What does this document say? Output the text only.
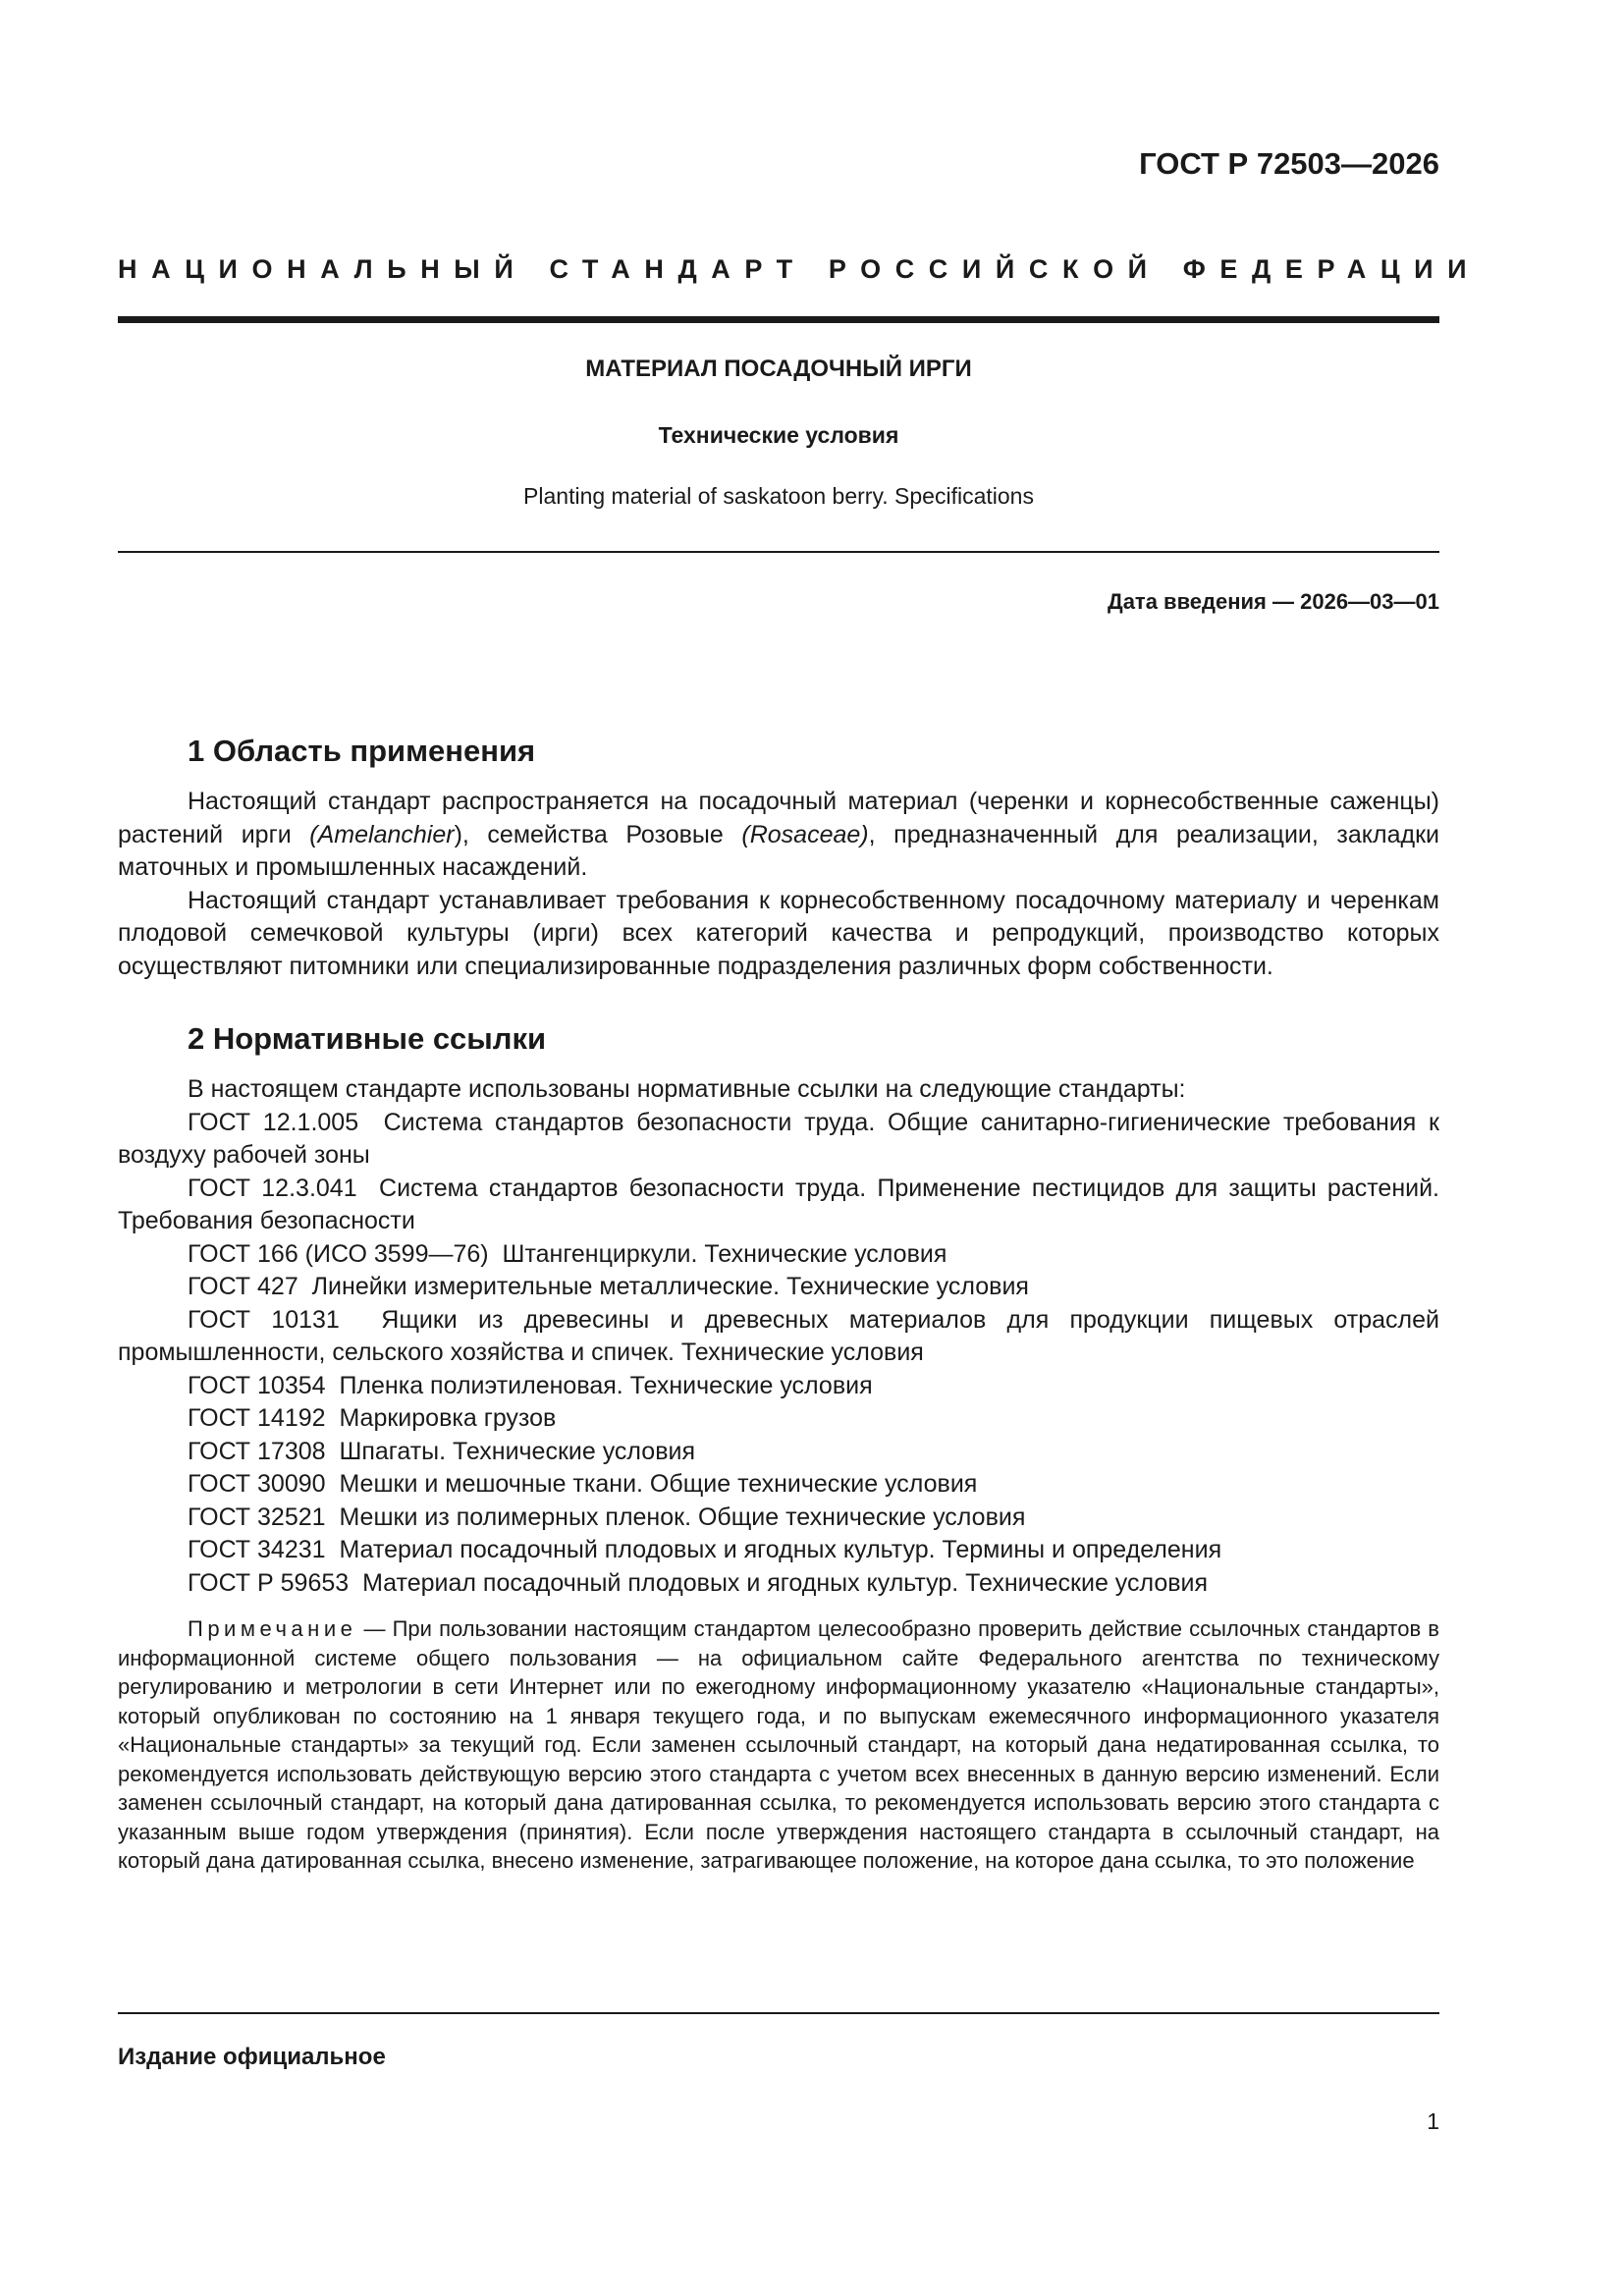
ГОСТ Р 72503—2026

НАЦИОНАЛЬНЫЙ СТАНДАРТ РОССИЙСКОЙ ФЕДЕРАЦИИ

МАТЕРИАЛ ПОСАДОЧНЫЙ ИРГИ

Технические условия

Planting material of saskatoon berry. Specifications

Дата введения — 2026—03—01

1 Область применения

Настоящий стандарт распространяется на посадочный материал (черенки и корнесобственные саженцы) растений ирги (Amelanchier), семейства Розовые (Rosaceae), предназначенный для реализации, закладки маточных и промышленных насаждений.

Настоящий стандарт устанавливает требования к корнесобственному посадочному материалу и черенкам плодовой семечковой культуры (ирги) всех категорий качества и репродукций, производство которых осуществляют питомники или специализированные подразделения различных форм собственности.

2 Нормативные ссылки

В настоящем стандарте использованы нормативные ссылки на следующие стандарты:

ГОСТ 12.1.005 Система стандартов безопасности труда. Общие санитарно-гигиенические требования к воздуху рабочей зоны
ГОСТ 12.3.041 Система стандартов безопасности труда. Применение пестицидов для защиты растений. Требования безопасности
ГОСТ 166 (ИСО 3599—76) Штангенциркули. Технические условия
ГОСТ 427 Линейки измерительные металлические. Технические условия
ГОСТ 10131 Ящики из древесины и древесных материалов для продукции пищевых отраслей промышленности, сельского хозяйства и спичек. Технические условия
ГОСТ 10354 Пленка полиэтиленовая. Технические условия
ГОСТ 14192 Маркировка грузов
ГОСТ 17308 Шпагаты. Технические условия
ГОСТ 30090 Мешки и мешочные ткани. Общие технические условия
ГОСТ 32521 Мешки из полимерных пленок. Общие технические условия
ГОСТ 34231 Материал посадочный плодовых и ягодных культур. Термины и определения
ГОСТ Р 59653 Материал посадочный плодовых и ягодных культур. Технические условия

Примечание — При пользовании настоящим стандартом целесообразно проверить действие ссылочных стандартов в информационной системе общего пользования — на официальном сайте Федерального агентства по техническому регулированию и метрологии в сети Интернет или по ежегодному информационному указателю «Национальные стандарты», который опубликован по состоянию на 1 января текущего года, и по выпускам ежемесячного информационного указателя «Национальные стандарты» за текущий год. Если заменен ссылочный стандарт, на который дана недатированная ссылка, то рекомендуется использовать действующую версию этого стандарта с учетом всех внесенных в данную версию изменений. Если заменен ссылочный стандарт, на который дана датированная ссылка, то рекомендуется использовать версию этого стандарта с указанным выше годом утверждения (принятия). Если после утверждения настоящего стандарта в ссылочный стандарт, на который дана датированная ссылка, внесено изменение, затрагивающее положение, на которое дана ссылка, то это положение

Издание официальное

1
